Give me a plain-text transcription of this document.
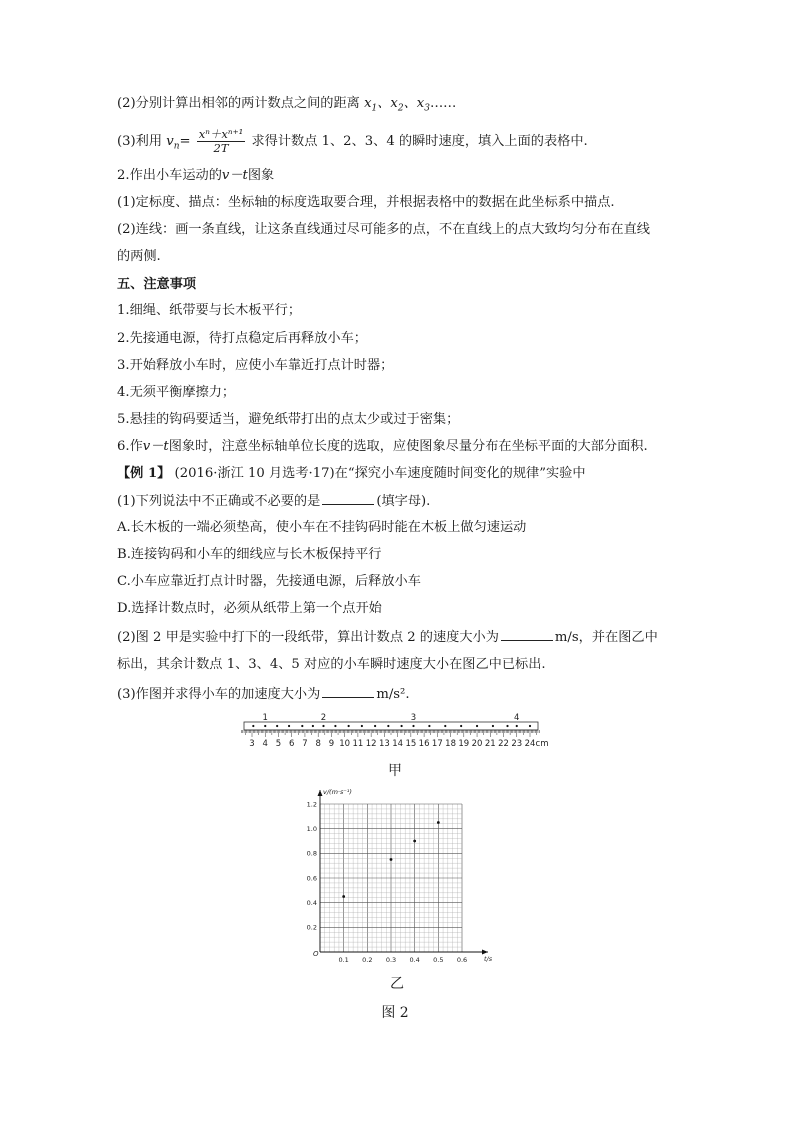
(2)分别计算出相邻的两计数点之间的距离 $x_1$、$x_2$、$x_3\dots\dots$
(3)利用 $v_n= \frac{\text{xⁿ＋xⁿ⁺¹}}{2T}$ 求得计数点 1、2、3、4 的瞬时速度，填入上面的表格中.
2.作出小车运动的v－t图象
(1)定标度、描点：坐标轴的标度选取要合理，并根据表格中的数据在此坐标系中描点.
(2)连线：画一条直线，让这条直线通过尽可能多的点，不在直线上的点大致均匀分布在直线
的两侧.
五、注意事项
1.细绳、纸带要与长木板平行；
2.先接通电源，待打点稳定后再释放小车；
3.开始释放小车时，应使小车靠近打点计时器；
4.无须平衡摩擦力；
5.悬挂的钩码要适当，避免纸带打出的点太少或过于密集；
6.作v－t图象时，注意坐标轴单位长度的选取，应使图象尽量分布在坐标平面的大部分面积.
【例 1】 (2016·浙江 10 月选考·17)在“探究小车速度随时间变化的规律”实验中
(1)下列说法中不正确或不必要的是	(填字母).
A.长木板的一端必须垫高，使小车在不挂钩码时能在木板上做匀速运动
B.连接钩码和小车的细线应与长木板保持平行
C.小车应靠近打点计时器，先接通电源，后释放小车
D.选择计数点时，必须从纸带上第一个点开始
(2)图 2 甲是实验中打下的一段纸带，算出计数点 2 的速度大小为	m/s，并在图乙中
标出，其余计数点 1、3、4、5 对应的小车瞬时速度大小在图乙中已标出.
(3)作图并求得小车的加速度大小为	m/s².
3 4 5 6 7 8 9 10 11 12 13 14 15 16 17 18 19 20 21 22 23 24 cm
1	2	3	4
甲
0.1 0.2 0.3 0.4 0.5 0.6
0.2
0.4
0.6
0.8
1.0
1.2
O
t/s
v/(m·s⁻¹)
乙
图 2
